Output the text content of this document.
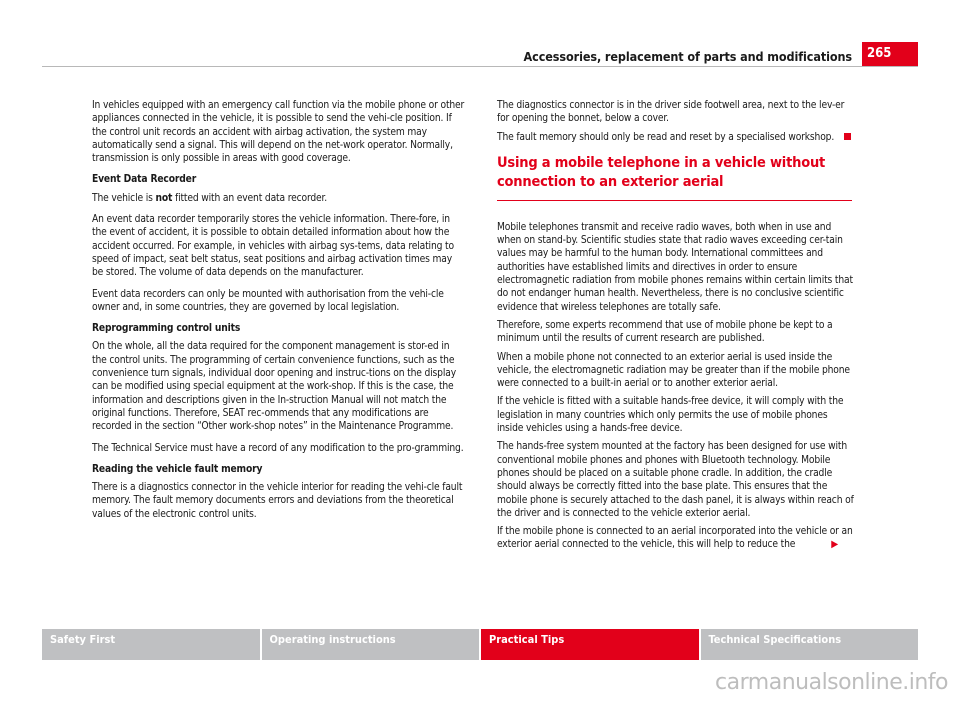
Accessories, replacement of parts and modifications	265

In vehicles equipped with an emergency call function via the mobile phone or other appliances connected in the vehicle, it is possible to send the vehi-cle position. If the control unit records an accident with airbag activation, the system may automatically send a signal. This will depend on the net-work operator. Normally, transmission is only possible in areas with good coverage.

Event Data Recorder

The vehicle is not fitted with an event data recorder.

An event data recorder temporarily stores the vehicle information. There-fore, in the event of accident, it is possible to obtain detailed information about how the accident occurred. For example, in vehicles with airbag sys-tems, data relating to speed of impact, seat belt status, seat positions and airbag activation times may be stored. The volume of data depends on the manufacturer.

Event data recorders can only be mounted with authorisation from the vehi-cle owner and, in some countries, they are governed by local legislation.

Reprogramming control units

On the whole, all the data required for the component management is stor-ed in the control units. The programming of certain convenience functions, such as the convenience turn signals, individual door opening and instruc-tions on the display can be modified using special equipment at the work-shop. If this is the case, the information and descriptions given in the In-struction Manual will not match the original functions. Therefore, SEAT rec-ommends that any modifications are recorded in the section “Other work-shop notes” in the Maintenance Programme.

The Technical Service must have a record of any modification to the pro-gramming.

Reading the vehicle fault memory

There is a diagnostics connector in the vehicle interior for reading the vehi-cle fault memory. The fault memory documents errors and deviations from the theoretical values of the electronic control units.

The diagnostics connector is in the driver side footwell area, next to the lev-er for opening the bonnet, below a cover.

The fault memory should only be read and reset by a specialised workshop.

Using a mobile telephone in a vehicle without connection to an exterior aerial

Mobile telephones transmit and receive radio waves, both when in use and when on stand-by. Scientific studies state that radio waves exceeding cer-tain values may be harmful to the human body. International committees and authorities have established limits and directives in order to ensure electromagnetic radiation from mobile phones remains within certain limits that do not endanger human health. Nevertheless, there is no conclusive scientific evidence that wireless telephones are totally safe.

Therefore, some experts recommend that use of mobile phone be kept to a minimum until the results of current research are published.

When a mobile phone not connected to an exterior aerial is used inside the vehicle, the electromagnetic radiation may be greater than if the mobile phone were connected to a built-in aerial or to another exterior aerial.

If the vehicle is fitted with a suitable hands-free device, it will comply with the legislation in many countries which only permits the use of mobile phones inside vehicles using a hands-free device.

The hands-free system mounted at the factory has been designed for use with conventional mobile phones and phones with Bluetooth technology. Mobile phones should be placed on a suitable phone cradle. In addition, the cradle should always be correctly fitted into the base plate. This ensures that the mobile phone is securely attached to the dash panel, it is always within reach of the driver and is connected to the vehicle exterior aerial.

If the mobile phone is connected to an aerial incorporated into the vehicle or an exterior aerial connected to the vehicle, this will help to reduce the	▶

Safety First	Operating instructions	Practical Tips	Technical Specifications
carmanualsonline.info
